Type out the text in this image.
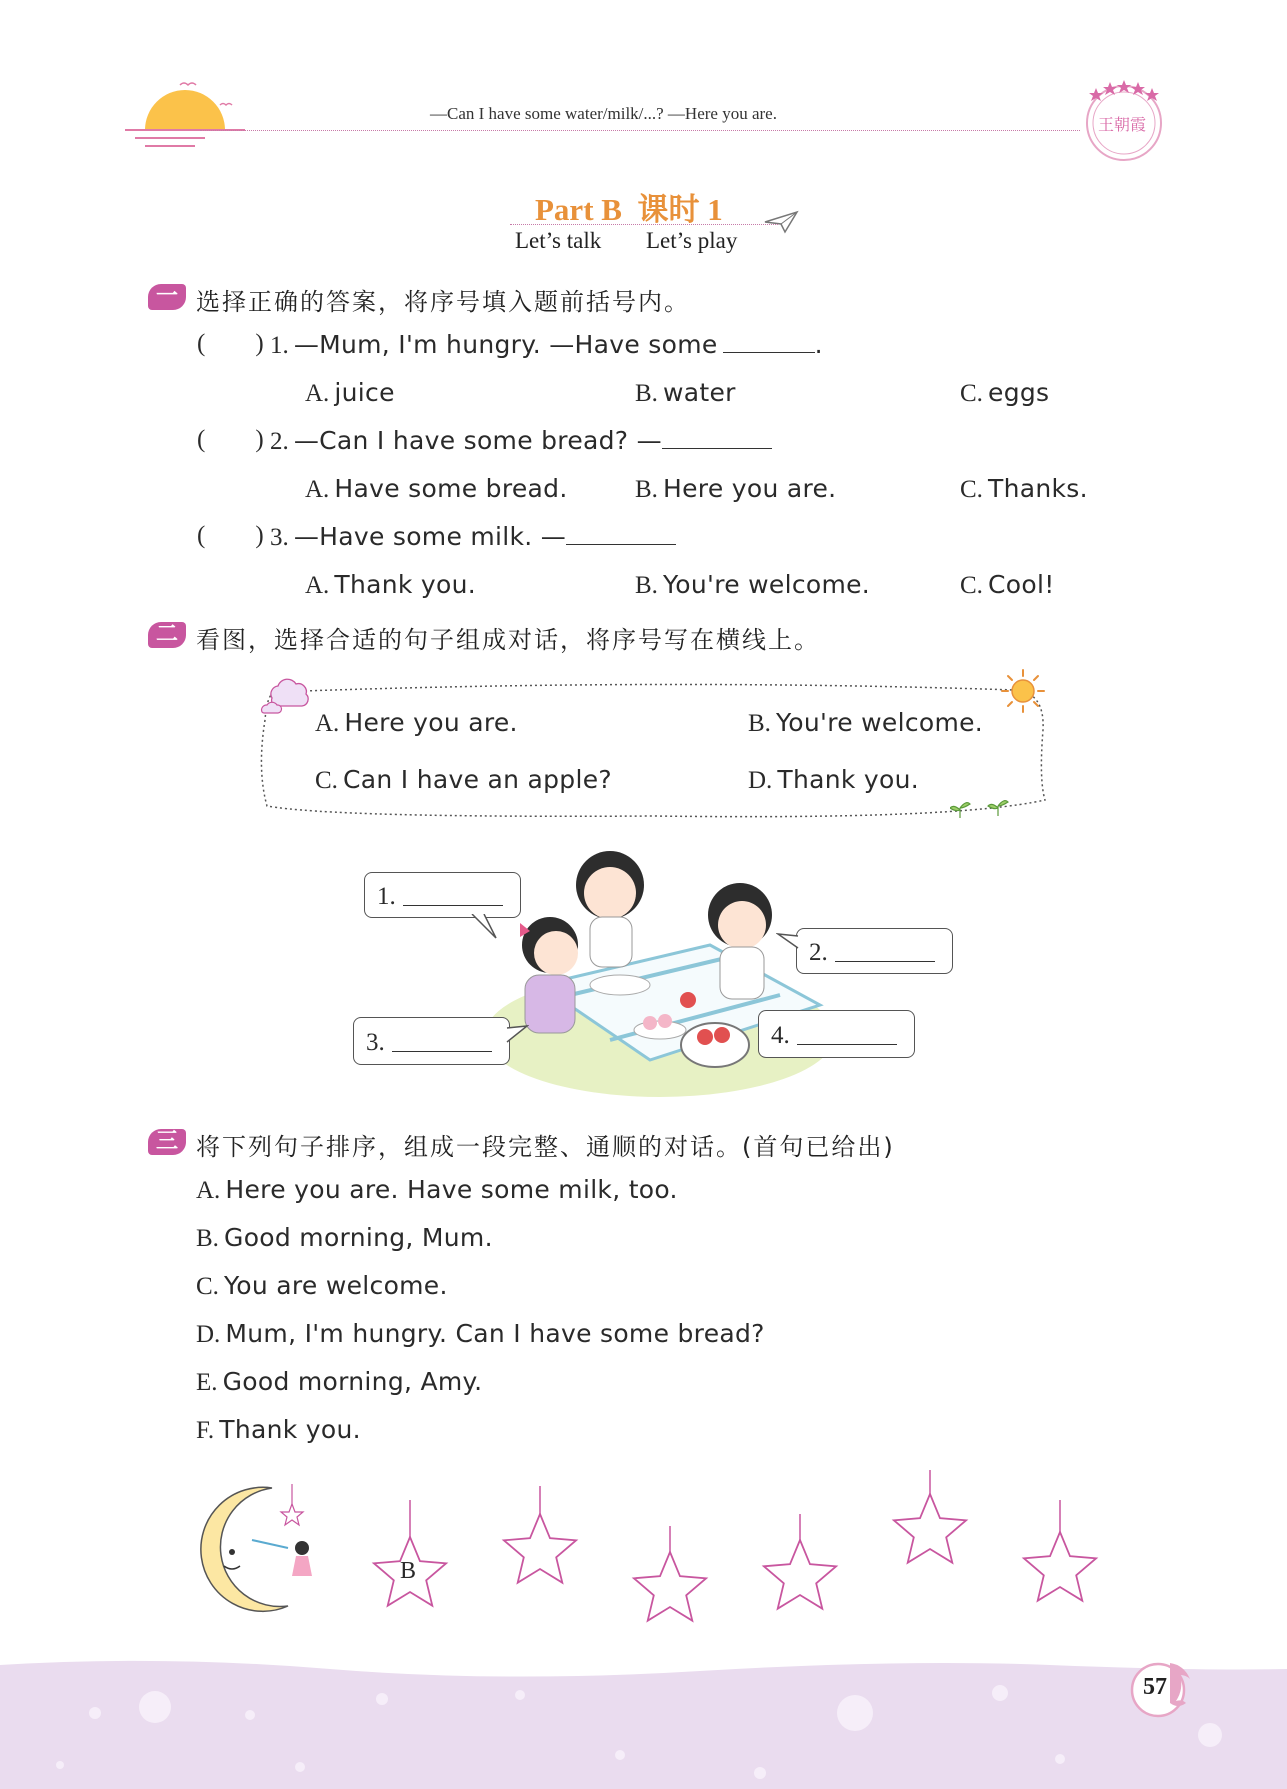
—Can I have some water/milk/...? —Here you are.
王朝霞
Part B  课时 1
Let’s talk Let’s play
一 选择正确的答案，将序号填入题前括号内。
(        ) 1. —Mum, I'm hungry. —Have some	.
A. juice	B. water	C. eggs
(        ) 2. —Can I have some bread? —
A. Have some bread.	B. Here you are.	C. Thanks.
(        ) 3. —Have some milk. —
A. Thank you.	B. You're welcome.	C. Cool!
二 看图，选择合适的句子组成对话，将序号写在横线上。
A. Here you are.	B. You're welcome.
C. Can I have an apple?	D. Thank you.
1.
2.
3.	4.
三 将下列句子排序，组成一段完整、通顺的对话。(首句已给出)
A. Here you are. Have some milk, too.
B. Good morning, Mum.
C. You are welcome.
D. Mum, I'm hungry. Can I have some bread?
E. Good morning, Amy.
F. Thank you.
B
57
